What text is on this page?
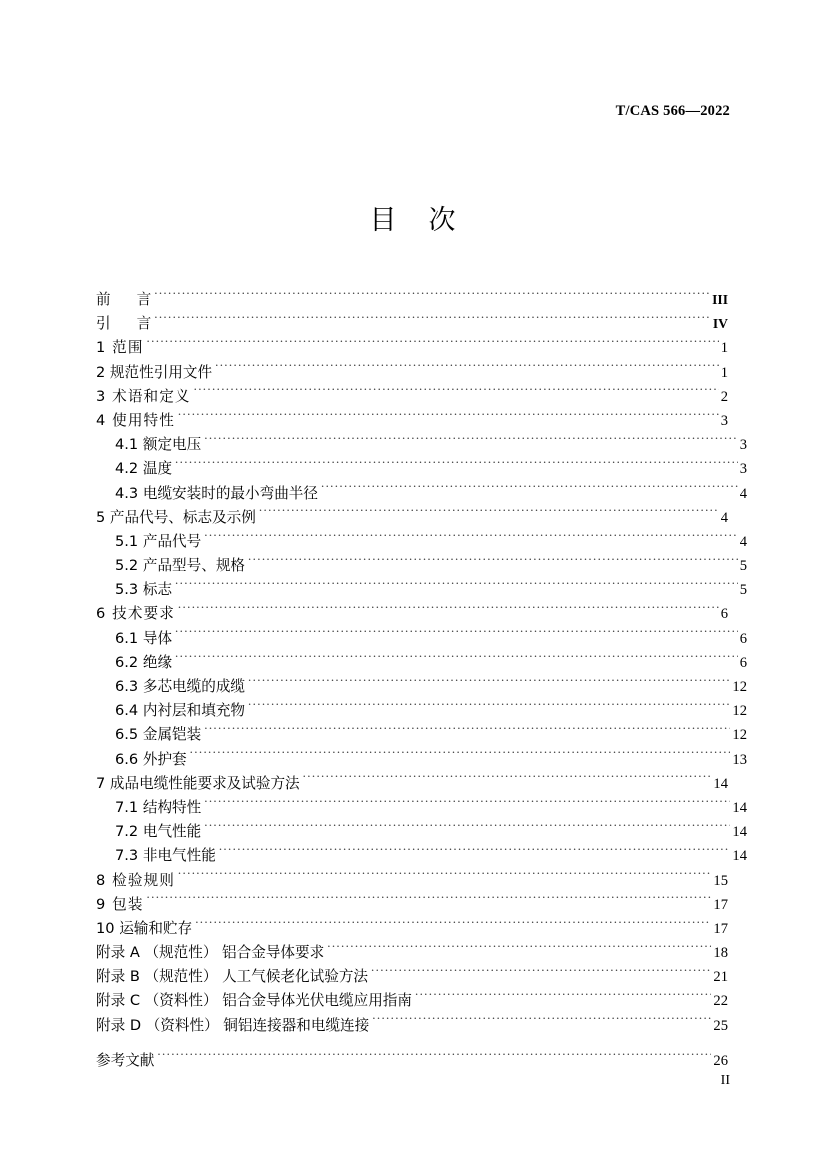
T/CAS 566—2022
目 次
前 言 .....	III
引 言 .....	IV
1 范围 .....	1
2 规范性引用文件 .....	1
3 术语和定义 .....	2
4 使用特性 .....	3
4.1 额定电压 .....	3
4.2 温度 .....	3
4.3 电缆安装时的最小弯曲半径 .....	4
5 产品代号、标志及示例 .....	4
5.1 产品代号 .....	4
5.2 产品型号、规格 .....	5
5.3 标志 .....	5
6 技术要求 .....	6
6.1 导体 .....	6
6.2 绝缘 .....	6
6.3 多芯电缆的成缆 .....	12
6.4 内衬层和填充物 .....	12
6.5 金属铠装 .....	12
6.6 外护套 .....	13
7 成品电缆性能要求及试验方法 .....	14
7.1 结构特性 .....	14
7.2 电气性能 .....	14
7.3 非电气性能 .....	14
8 检验规则 .....	15
9 包装 .....	17
10 运输和贮存 .....	17
附录 A （规范性） 铝合金导体要求 .....	18
附录 B （规范性） 人工气候老化试验方法 .....	21
附录 C （资料性） 铝合金导体光伏电缆应用指南 .....	22
附录 D （资料性） 铜铝连接器和电缆连接 .....	25
参考文献 .....	26
II
